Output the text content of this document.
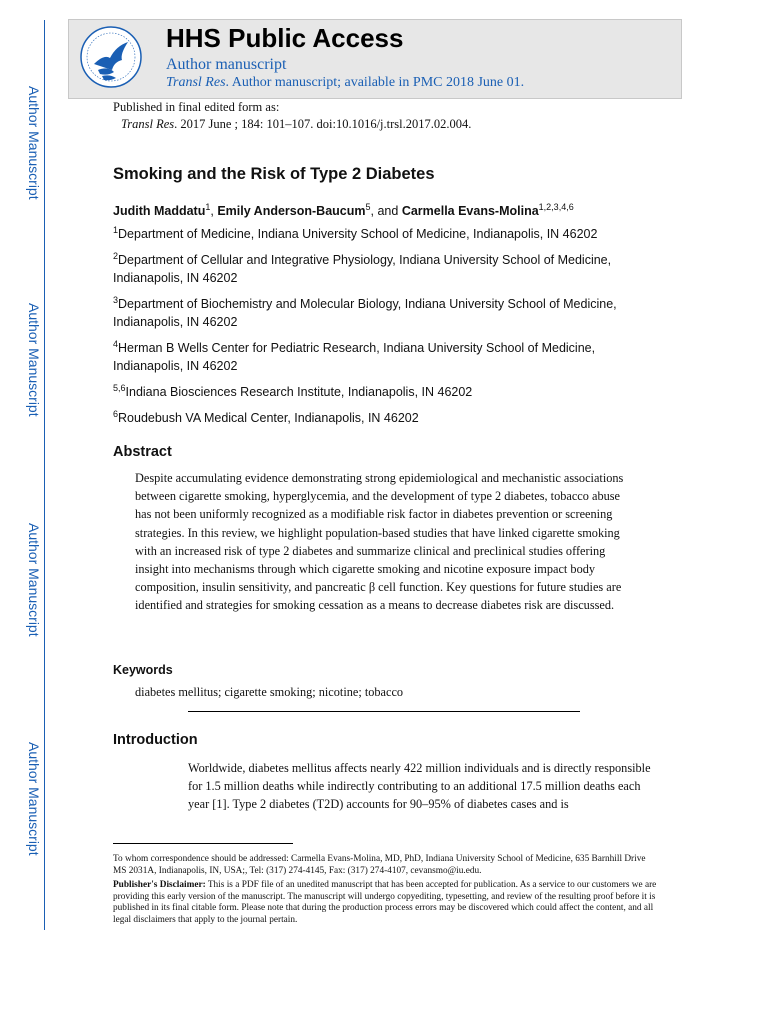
Author Manuscript
Author Manuscript
Author Manuscript
Author Manuscript
HHS Public Access
Author manuscript
Transl Res. Author manuscript; available in PMC 2018 June 01.
Published in final edited form as:
Transl Res. 2017 June ; 184: 101–107. doi:10.1016/j.trsl.2017.02.004.
Smoking and the Risk of Type 2 Diabetes
Judith Maddatu$^1$, Emily Anderson-Baucum$^5$, and Carmella Evans-Molina$^{1,2,3,4,6}$
$^1$Department of Medicine, Indiana University School of Medicine, Indianapolis, IN 46202
$^2$Department of Cellular and Integrative Physiology, Indiana University School of Medicine, Indianapolis, IN 46202
$^3$Department of Biochemistry and Molecular Biology, Indiana University School of Medicine, Indianapolis, IN 46202
$^4$Herman B Wells Center for Pediatric Research, Indiana University School of Medicine, Indianapolis, IN 46202
$^{5,6}$Indiana Biosciences Research Institute, Indianapolis, IN 46202
$^6$Roudebush VA Medical Center, Indianapolis, IN 46202
Abstract
Despite accumulating evidence demonstrating strong epidemiological and mechanistic associations between cigarette smoking, hyperglycemia, and the development of type 2 diabetes, tobacco abuse has not been uniformly recognized as a modifiable risk factor in diabetes prevention or screening strategies. In this review, we highlight population-based studies that have linked cigarette smoking with an increased risk of type 2 diabetes and summarize clinical and preclinical studies offering insight into mechanisms through which cigarette smoking and nicotine exposure impact body composition, insulin sensitivity, and pancreatic β cell function. Key questions for future studies are identified and strategies for smoking cessation as a means to decrease diabetes risk are discussed.
Keywords
diabetes mellitus; cigarette smoking; nicotine; tobacco
Introduction
Worldwide, diabetes mellitus affects nearly 422 million individuals and is directly responsible for 1.5 million deaths while indirectly contributing to an additional 17.5 million deaths each year [1]. Type 2 diabetes (T2D) accounts for 90–95% of diabetes cases and is

To whom correspondence should be addressed: Carmella Evans-Molina, MD, PhD, Indiana University School of Medicine, 635 Barnhill Drive MS 2031A, Indianapolis, IN, USA;, Tel: (317) 274-4145, Fax: (317) 274-4107, cevansmo@iu.edu.

Publisher's Disclaimer: This is a PDF file of an unedited manuscript that has been accepted for publication. As a service to our customers we are providing this early version of the manuscript. The manuscript will undergo copyediting, typesetting, and review of the resulting proof before it is published in its final citable form. Please note that during the production process errors may be discovered which could affect the content, and all legal disclaimers that apply to the journal pertain.
